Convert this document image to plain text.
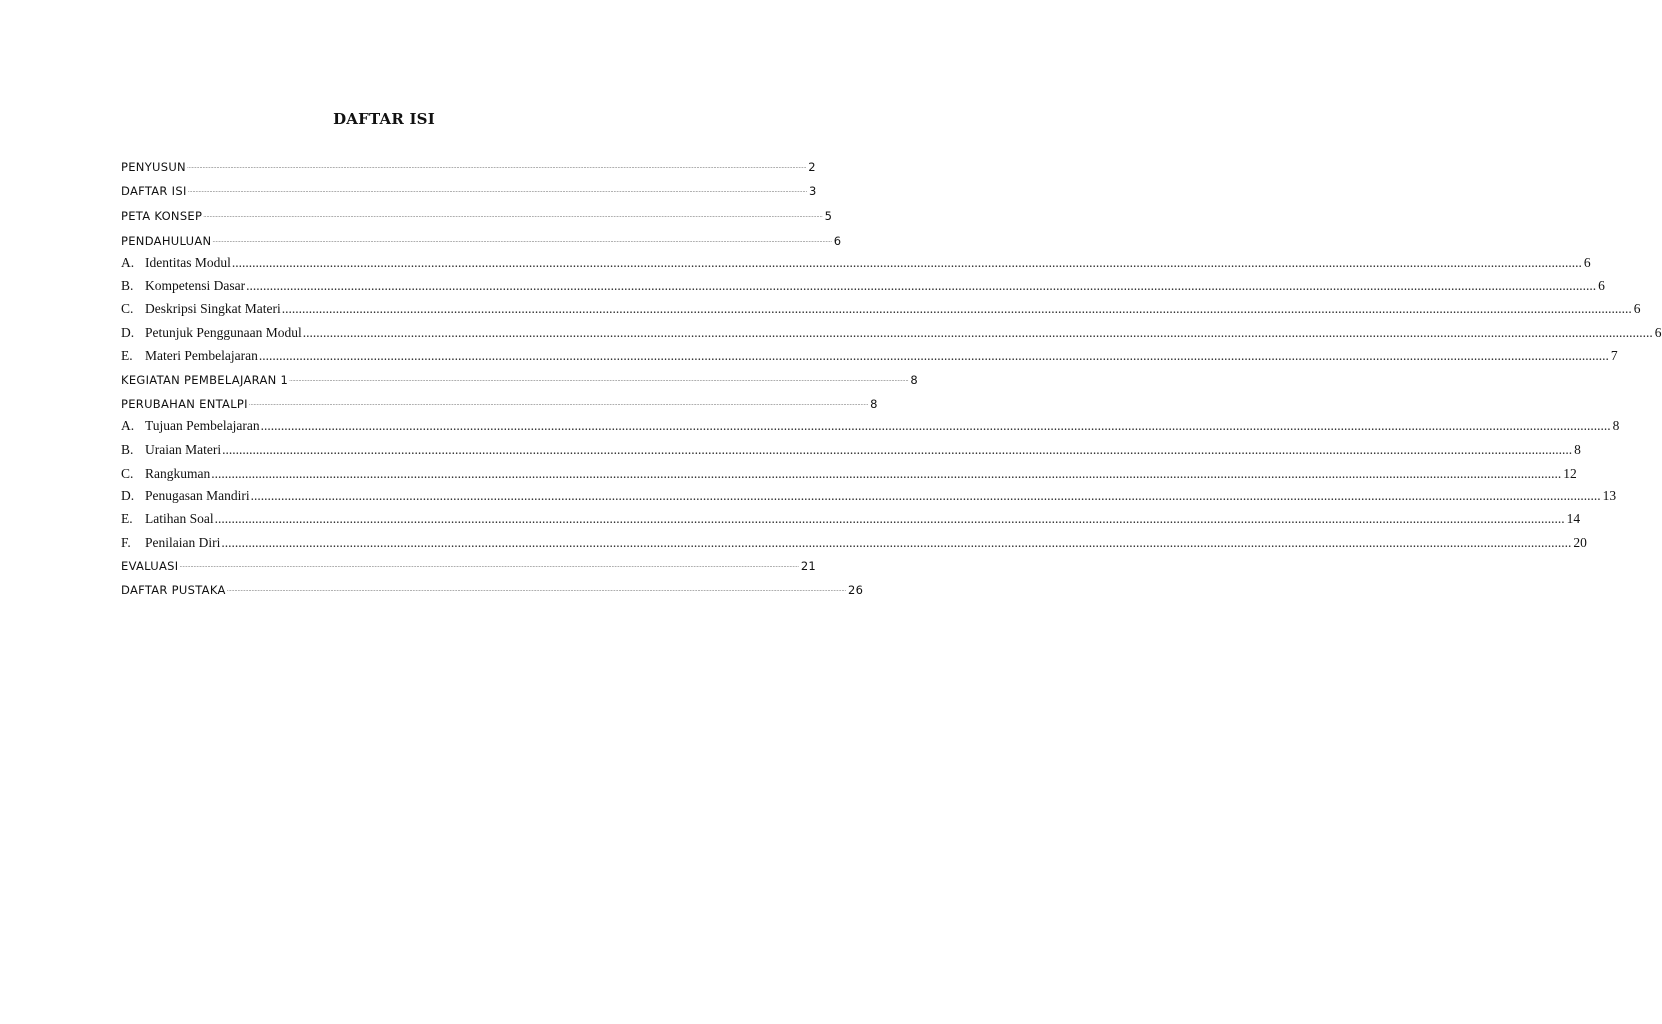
DAFTAR ISI
PENYUSUN ................................................................................................................................................................................................................................................................................................................................................................................................................ 2
DAFTAR ISI ................................................................................................................................................................................................................................................................................................................................................................................................................ 3
PETA KONSEP ................................................................................................................................................................................................................................................................................................................................................................................................................ 5
PENDAHULUAN ................................................................................................................................................................................................................................................................................................................................................................................................................ 6
A. Identitas Modul ................................................................................................................................................................................................................................................................................................................................................................................................................ 6
B. Kompetensi Dasar ................................................................................................................................................................................................................................................................................................................................................................................................................ 6
C. Deskripsi Singkat Materi ................................................................................................................................................................................................................................................................................................................................................................................................................ 6
D. Petunjuk Penggunaan Modul ................................................................................................................................................................................................................................................................................................................................................................................................................ 6
E. Materi Pembelajaran ................................................................................................................................................................................................................................................................................................................................................................................................................ 7
KEGIATAN PEMBELAJARAN 1 ................................................................................................................................................................................................................................................................................................................................................................................................................ 8
PERUBAHAN ENTALPI ................................................................................................................................................................................................................................................................................................................................................................................................................ 8
A. Tujuan Pembelajaran ................................................................................................................................................................................................................................................................................................................................................................................................................ 8
B. Uraian Materi ................................................................................................................................................................................................................................................................................................................................................................................................................ 8
C. Rangkuman ................................................................................................................................................................................................................................................................................................................................................................................................................ 12
D. Penugasan Mandiri ................................................................................................................................................................................................................................................................................................................................................................................................................ 13
E. Latihan Soal ................................................................................................................................................................................................................................................................................................................................................................................................................ 14
F. Penilaian Diri ................................................................................................................................................................................................................................................................................................................................................................................................................ 20
EVALUASI ................................................................................................................................................................................................................................................................................................................................................................................................................ 21
DAFTAR PUSTAKA ................................................................................................................................................................................................................................................................................................................................................................................................................ 26
